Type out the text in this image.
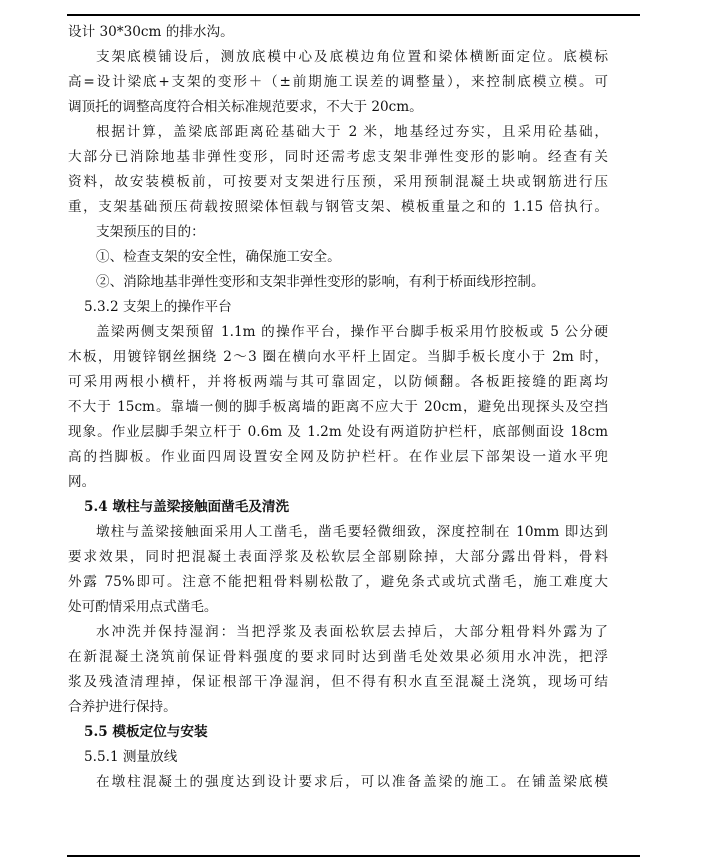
设计 30*30cm 的排水沟。
支架底模铺设后，测放底模中心及底模边角位置和梁体横断面定位。底模标
高=设计梁底+支架的变形＋（±前期施工误差的调整量），来控制底模立模。可
调顶托的调整高度符合相关标准规范要求，不大于 20cm。
根据计算，盖梁底部距离砼基础大于 2 米，地基经过夯实，且采用砼基础，
大部分已消除地基非弹性变形，同时还需考虑支架非弹性变形的影响。经查有关
资料，故安装模板前，可按要对支架进行压预，采用预制混凝土块或钢筋进行压
重，支架基础预压荷载按照梁体恒载与钢管支架、模板重量之和的 1.15 倍执行。
支架预压的目的：
①、检查支架的安全性，确保施工安全。
②、消除地基非弹性变形和支架非弹性变形的影响，有利于桥面线形控制。
5.3.2 支架上的操作平台
盖梁两侧支架预留 1.1m 的操作平台，操作平台脚手板采用竹胶板或 5 公分硬
木板，用镀锌钢丝捆绕 2～3 圈在横向水平杆上固定。当脚手板长度小于 2m 时，
可采用两根小横杆，并将板两端与其可靠固定，以防倾翻。各板距接缝的距离均
不大于 15cm。靠墙一侧的脚手板离墙的距离不应大于 20cm，避免出现探头及空挡
现象。作业层脚手架立杆于 0.6m 及 1.2m 处设有两道防护栏杆，底部侧面设 18cm
高的挡脚板。作业面四周设置安全网及防护栏杆。在作业层下部架设一道水平兜
网。
5.4 墩柱与盖梁接触面凿毛及清洗
墩柱与盖梁接触面采用人工凿毛，凿毛要轻微细致，深度控制在 10mm 即达到
要求效果，同时把混凝土表面浮浆及松软层全部剔除掉，大部分露出骨料，骨料
外露 75%即可。注意不能把粗骨料剔松散了，避免条式或坑式凿毛，施工难度大
处可酌情采用点式凿毛。
水冲洗并保持湿润：当把浮浆及表面松软层去掉后，大部分粗骨料外露为了
在新混凝土浇筑前保证骨料强度的要求同时达到凿毛处效果必须用水冲洗，把浮
浆及残渣清理掉，保证根部干净湿润，但不得有积水直至混凝土浇筑，现场可结
合养护进行保持。
5.5 模板定位与安装
5.5.1 测量放线
在墩柱混凝土的强度达到设计要求后，可以准备盖梁的施工。在铺盖梁底模
